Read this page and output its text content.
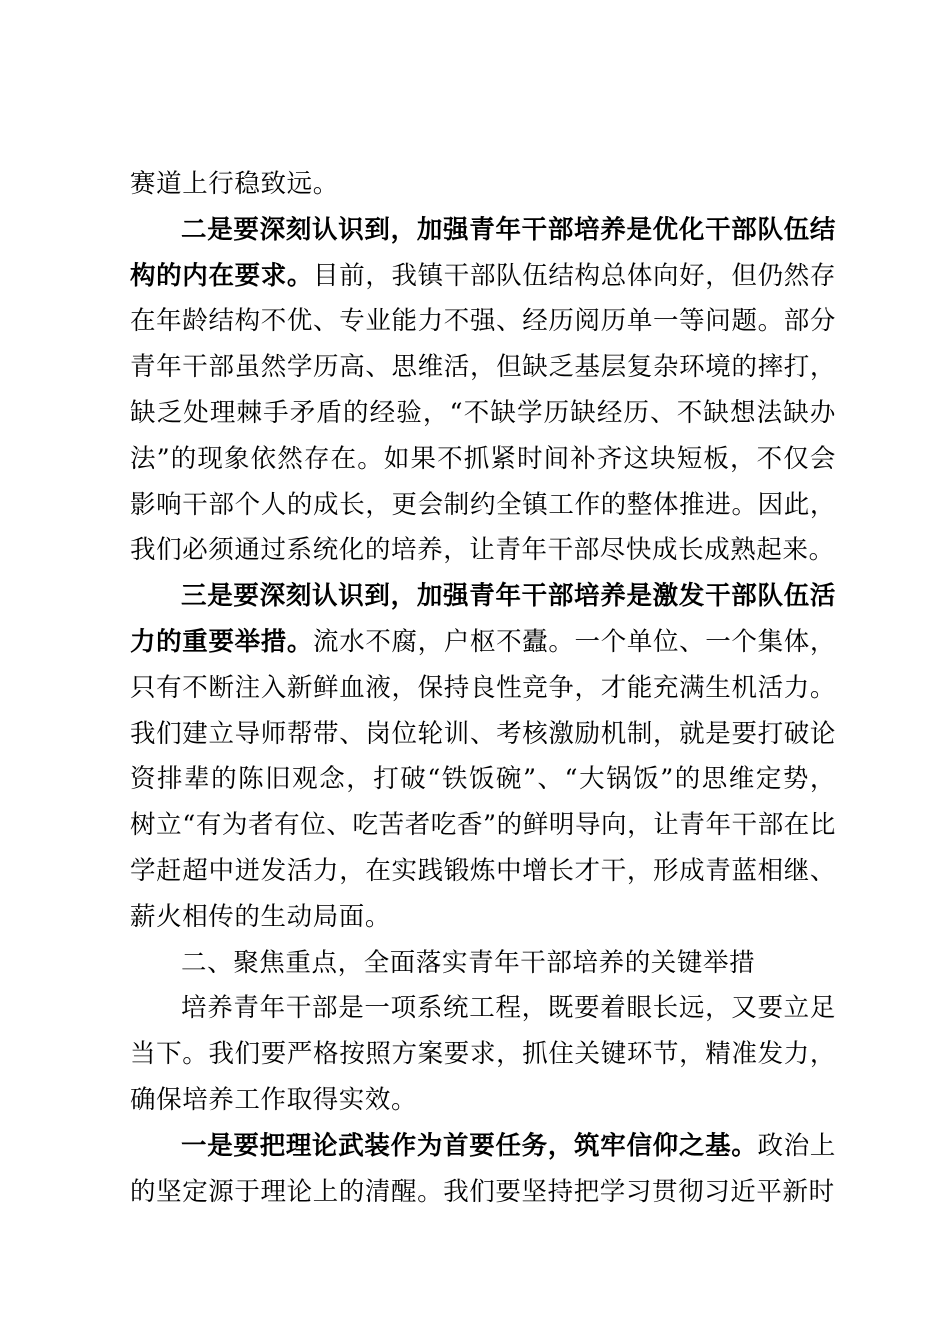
赛道上行稳致远。

二是要深刻认识到，加强青年干部培养是优化干部队伍结构的内在要求。目前，我镇干部队伍结构总体向好，但仍然存在年龄结构不优、专业能力不强、经历阅历单一等问题。部分青年干部虽然学历高、思维活，但缺乏基层复杂环境的摔打，缺乏处理棘手矛盾的经验，“不缺学历缺经历、不缺想法缺办法”的现象依然存在。如果不抓紧时间补齐这块短板，不仅会影响干部个人的成长，更会制约全镇工作的整体推进。因此，我们必须通过系统化的培养，让青年干部尽快成长成熟起来。

三是要深刻认识到，加强青年干部培养是激发干部队伍活力的重要举措。流水不腐，户枢不蠹。一个单位、一个集体，只有不断注入新鲜血液，保持良性竞争，才能充满生机活力。我们建立导师帮带、岗位轮训、考核激励机制，就是要打破论资排辈的陈旧观念，打破“铁饭碗”、“大锅饭”的思维定势，树立“有为者有位、吃苦者吃香”的鲜明导向，让青年干部在比学赶超中迸发活力，在实践锻炼中增长才干，形成青蓝相继、薪火相传的生动局面。

二、聚焦重点，全面落实青年干部培养的关键举措

培养青年干部是一项系统工程，既要着眼长远，又要立足当下。我们要严格按照方案要求，抓住关键环节，精准发力，确保培养工作取得实效。

一是要把理论武装作为首要任务，筑牢信仰之基。政治上的坚定源于理论上的清醒。我们要坚持把学习贯彻习近平新时
